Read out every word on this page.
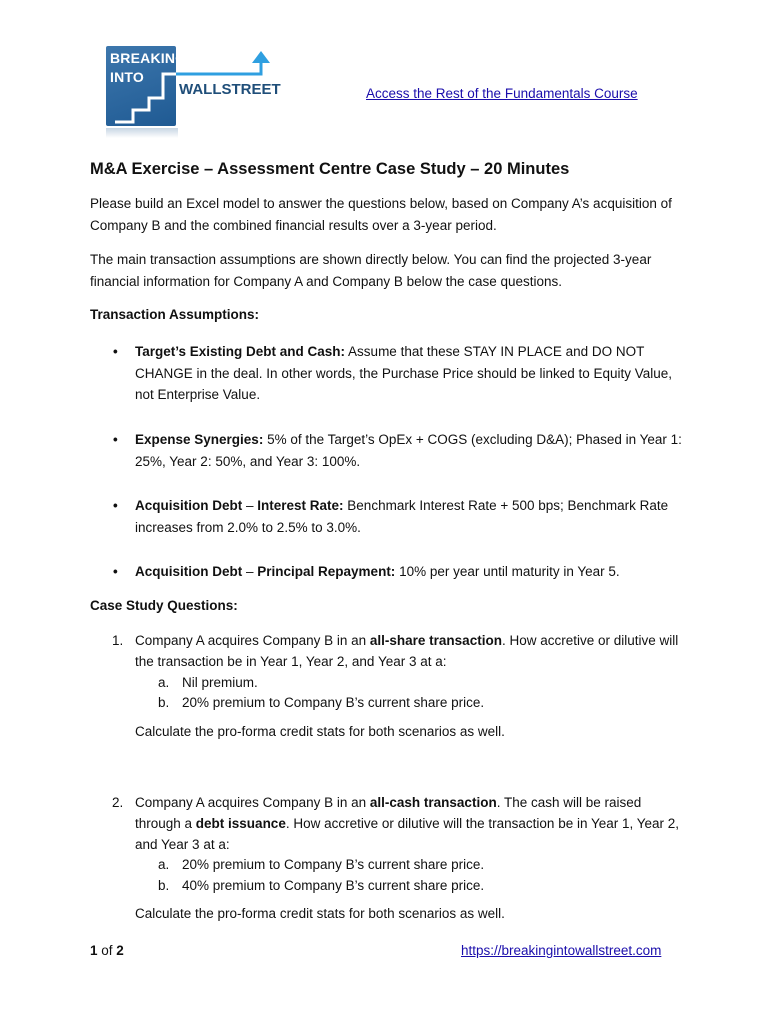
BREAKING
INTO
WALLSTREET	Access the Rest of the Fundamentals Course
M&A Exercise – Assessment Centre Case Study – 20 Minutes

Please build an Excel model to answer the questions below, based on Company A’s acquisition of Company B and the combined financial results over a 3-year period.

The main transaction assumptions are shown directly below. You can find the projected 3-year financial information for Company A and Company B below the case questions.

Transaction Assumptions:

• Target’s Existing Debt and Cash: Assume that these STAY IN PLACE and DO NOT CHANGE in the deal. In other words, the Purchase Price should be linked to Equity Value, not Enterprise Value.
• Expense Synergies: 5% of the Target’s OpEx + COGS (excluding D&A); Phased in Year 1: 25%, Year 2: 50%, and Year 3: 100%.
• Acquisition Debt – Interest Rate: Benchmark Interest Rate + 500 bps; Benchmark Rate increases from 2.0% to 2.5% to 3.0%.
• Acquisition Debt – Principal Repayment: 10% per year until maturity in Year 5.

Case Study Questions:

1. Company A acquires Company B in an all-share transaction. How accretive or dilutive will the transaction be in Year 1, Year 2, and Year 3 at a:
a. Nil premium.
b. 20% premium to Company B’s current share price.

Calculate the pro-forma credit stats for both scenarios as well.

2. Company A acquires Company B in an all-cash transaction. The cash will be raised through a debt issuance. How accretive or dilutive will the transaction be in Year 1, Year 2, and Year 3 at a:
a. 20% premium to Company B’s current share price.
b. 40% premium to Company B’s current share price.

Calculate the pro-forma credit stats for both scenarios as well.

1 of 2	https://breakingintowallstreet.com
